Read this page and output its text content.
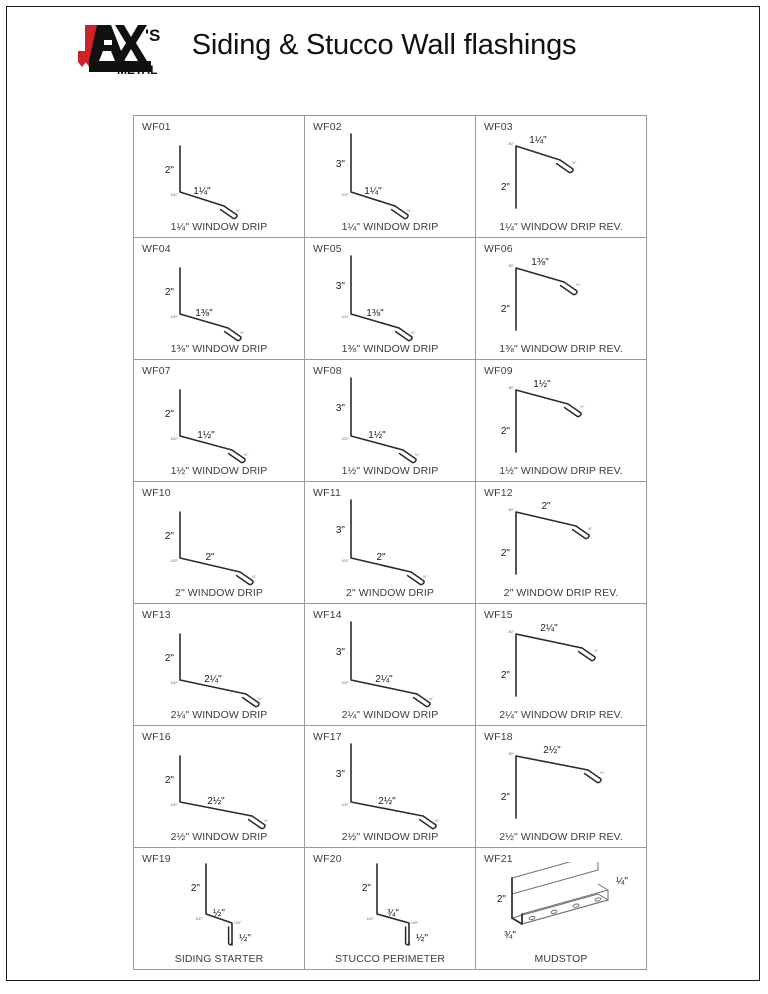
'S
METAL
Siding & Stucco Wall flashings
WF01
2"
1¼"
100°
½"
1¼" WINDOW DRIP
WF02
3"
1¼"
100°
½"
1¼" WINDOW DRIP
WF03
2"
1¼"
80°
½"
1¼" WINDOW DRIP REV.
WF04
2"
1⅜"
100°
½"
1⅜" WINDOW DRIP
WF05
3"
1⅜"
100°
½"
1⅜" WINDOW DRIP
WF06
2"
1⅜"
80°
½"
1⅜" WINDOW DRIP REV.
WF07
2"
1½"
100°
½"
1½" WINDOW DRIP
WF08
3"
1½"
100°
½"
1½" WINDOW DRIP
WF09
2"
1½"
80°
½"
1½" WINDOW DRIP REV.
WF10
2"
2"
100°
½"
2" WINDOW DRIP
WF11
3"
2"
100°
½"
2" WINDOW DRIP
WF12
2"
2"
80°
½"
2" WINDOW DRIP REV.
WF13
2"
2¼"
100°
½"
2¼" WINDOW DRIP
WF14
3"
2¼"
100°
½"
2¼" WINDOW DRIP
WF15
2"
2¼"
80°
½"
2¼" WINDOW DRIP REV.
WF16
2"
2½"
100°
½"
2½" WINDOW DRIP
WF17
3"
2½"
100°
½"
2½" WINDOW DRIP
WF18
2"
2½"
80°
½"
2½" WINDOW DRIP REV.
WF19
2"
½"
½"
100°
100°
SIDING STARTER
WF20
2"
¾"
½"
100°
100°
STUCCO PERIMETER
WF21
2"
¾"
¼"
MUDSTOP
